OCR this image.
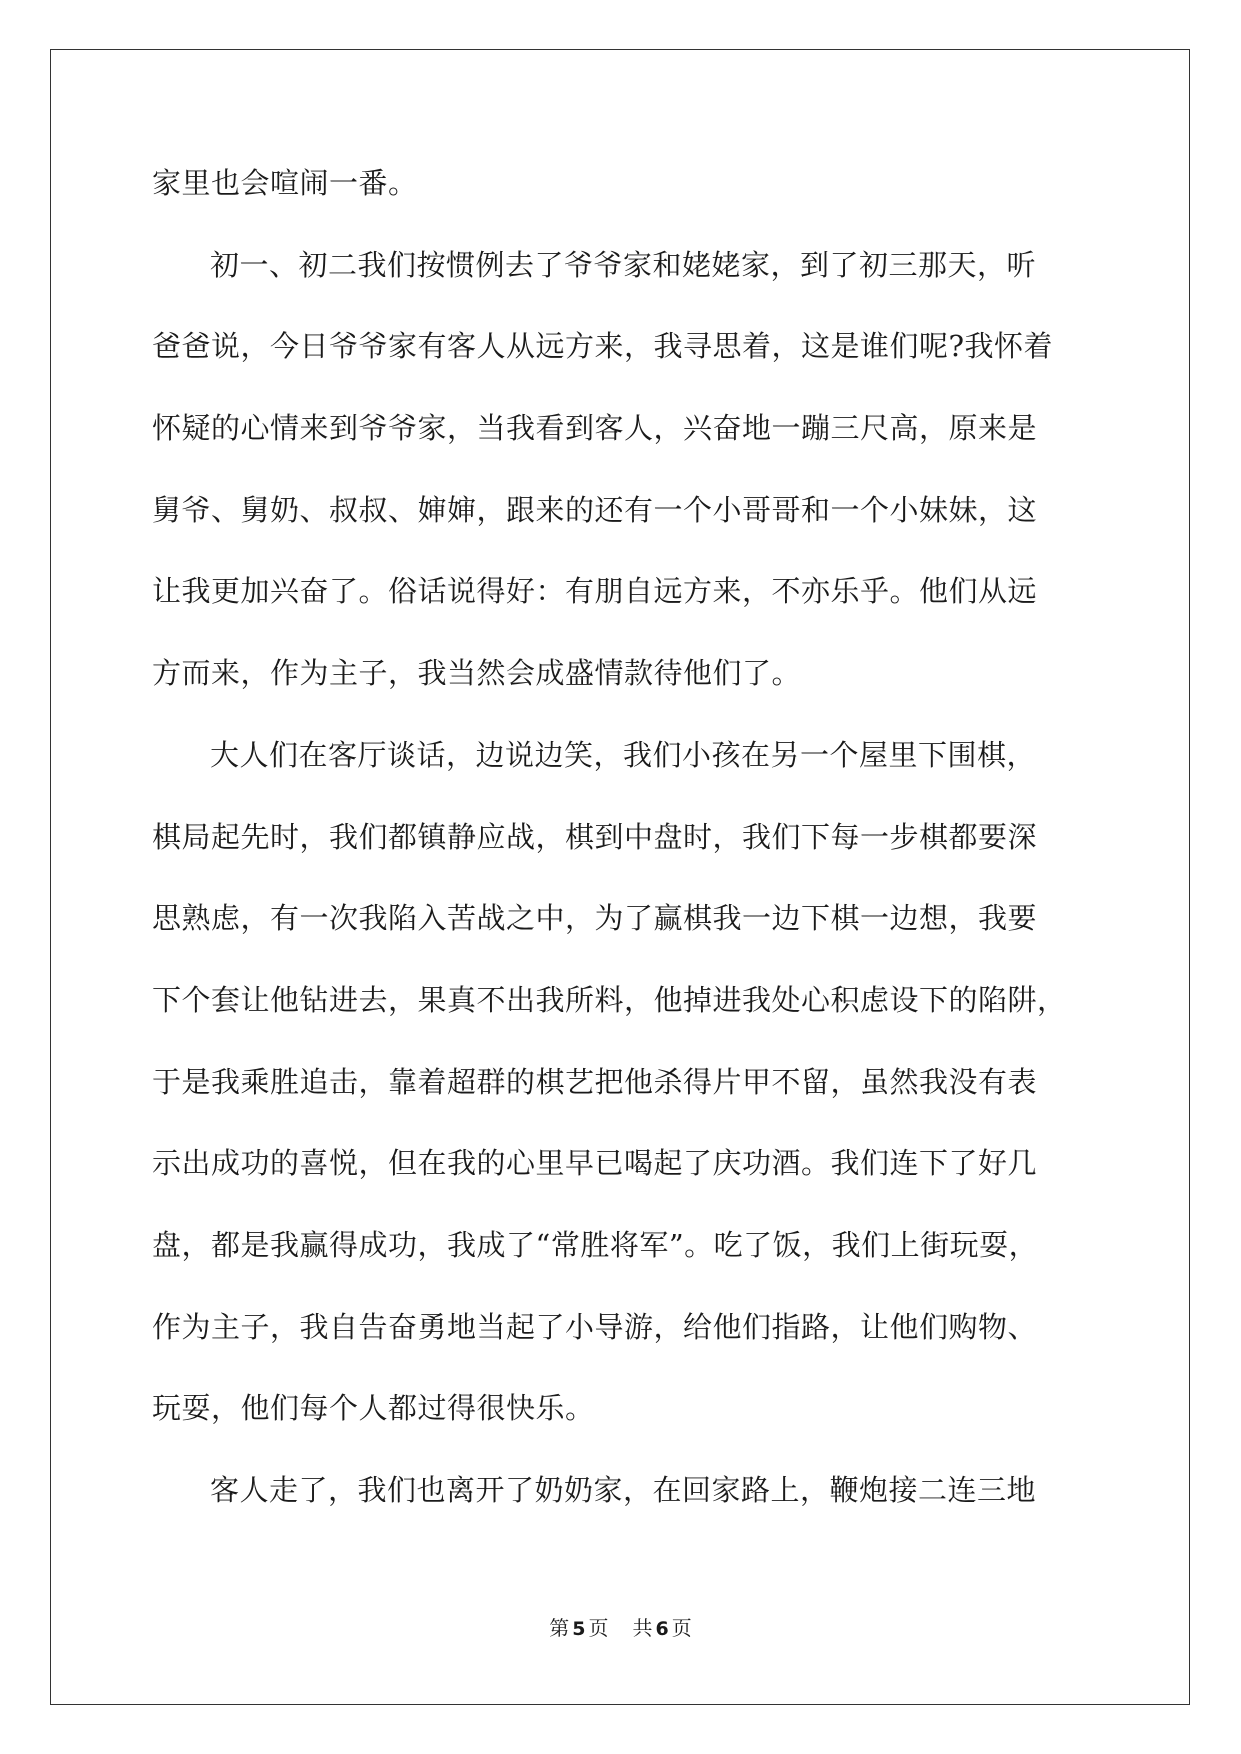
家里也会喧闹一番。
初一、初二我们按惯例去了爷爷家和姥姥家，到了初三那天，听
爸爸说，今日爷爷家有客人从远方来，我寻思着，这是谁们呢?我怀着
怀疑的心情来到爷爷家，当我看到客人，兴奋地一蹦三尺高，原来是
舅爷、舅奶、叔叔、婶婶，跟来的还有一个小哥哥和一个小妹妹，这
让我更加兴奋了。俗话说得好：有朋自远方来，不亦乐乎。他们从远
方而来，作为主子，我当然会成盛情款待他们了。
大人们在客厅谈话，边说边笑，我们小孩在另一个屋里下围棋，
棋局起先时，我们都镇静应战，棋到中盘时，我们下每一步棋都要深
思熟虑，有一次我陷入苦战之中，为了赢棋我一边下棋一边想，我要
下个套让他钻进去，果真不出我所料，他掉进我处心积虑设下的陷阱，
于是我乘胜追击，靠着超群的棋艺把他杀得片甲不留，虽然我没有表
示出成功的喜悦，但在我的心里早已喝起了庆功酒。我们连下了好几
盘，都是我赢得成功，我成了“常胜将军”。吃了饭，我们上街玩耍，
作为主子，我自告奋勇地当起了小导游，给他们指路，让他们购物、
玩耍，他们每个人都过得很快乐。
客人走了，我们也离开了奶奶家，在回家路上，鞭炮接二连三地
第 5 页 共 6 页
